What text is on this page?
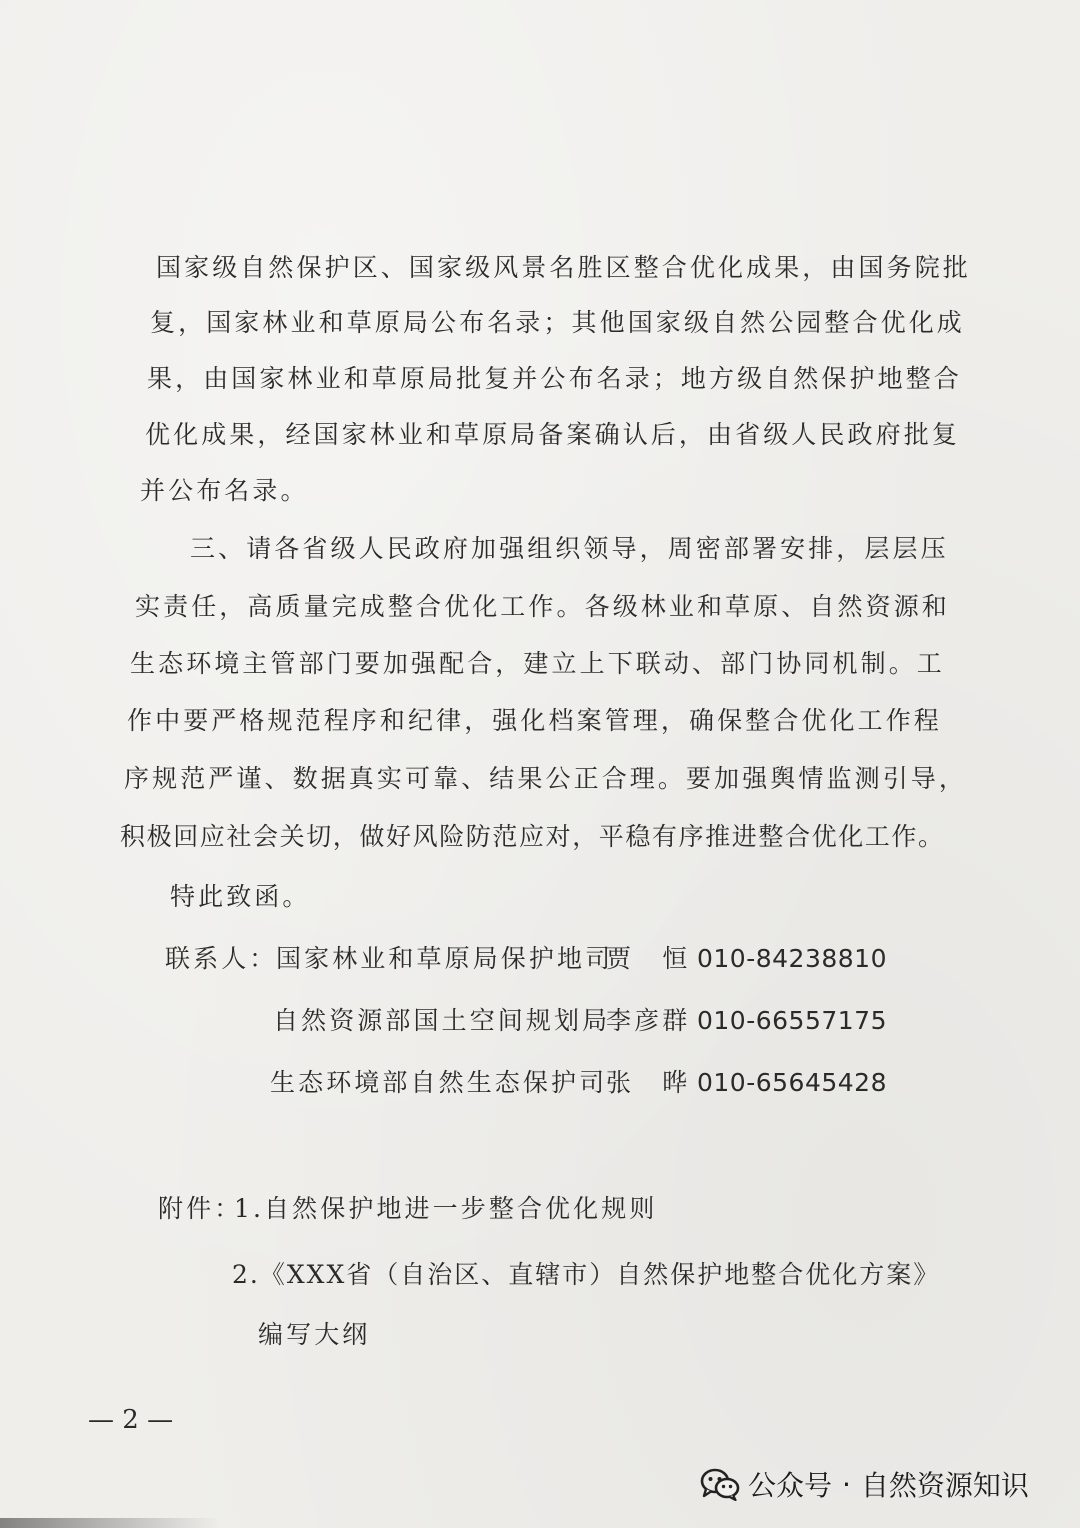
国家级自然保护区、国家级风景名胜区整合优化成果，由国务院批
复，国家林业和草原局公布名录；其他国家级自然公园整合优化成
果，由国家林业和草原局批复并公布名录；地方级自然保护地整合
优化成果，经国家林业和草原局备案确认后，由省级人民政府批复
并公布名录。
三、请各省级人民政府加强组织领导，周密部署安排，层层压
实责任，高质量完成整合优化工作。各级林业和草原、自然资源和
生态环境主管部门要加强配合，建立上下联动、部门协同机制。工
作中要严格规范程序和纪律，强化档案管理，确保整合优化工作程
序规范严谨、数据真实可靠、结果公正合理。要加强舆情监测引导，
积极回应社会关切，做好风险防范应对，平稳有序推进整合优化工作。
特此致函。
联系人：
国家林业和草原局保护地司
贾　恒 010-84238810
自然资源部国土空间规划局
李彦群 010-66557175
生态环境部自然生态保护司
张　晔 010-65645428
附件：
1.自然保护地进一步整合优化规则
2.《XXX省（自治区、直辖市）自然保护地整合优化方案》
编写大纲
— 2 —
公众号 · 自然资源知识
